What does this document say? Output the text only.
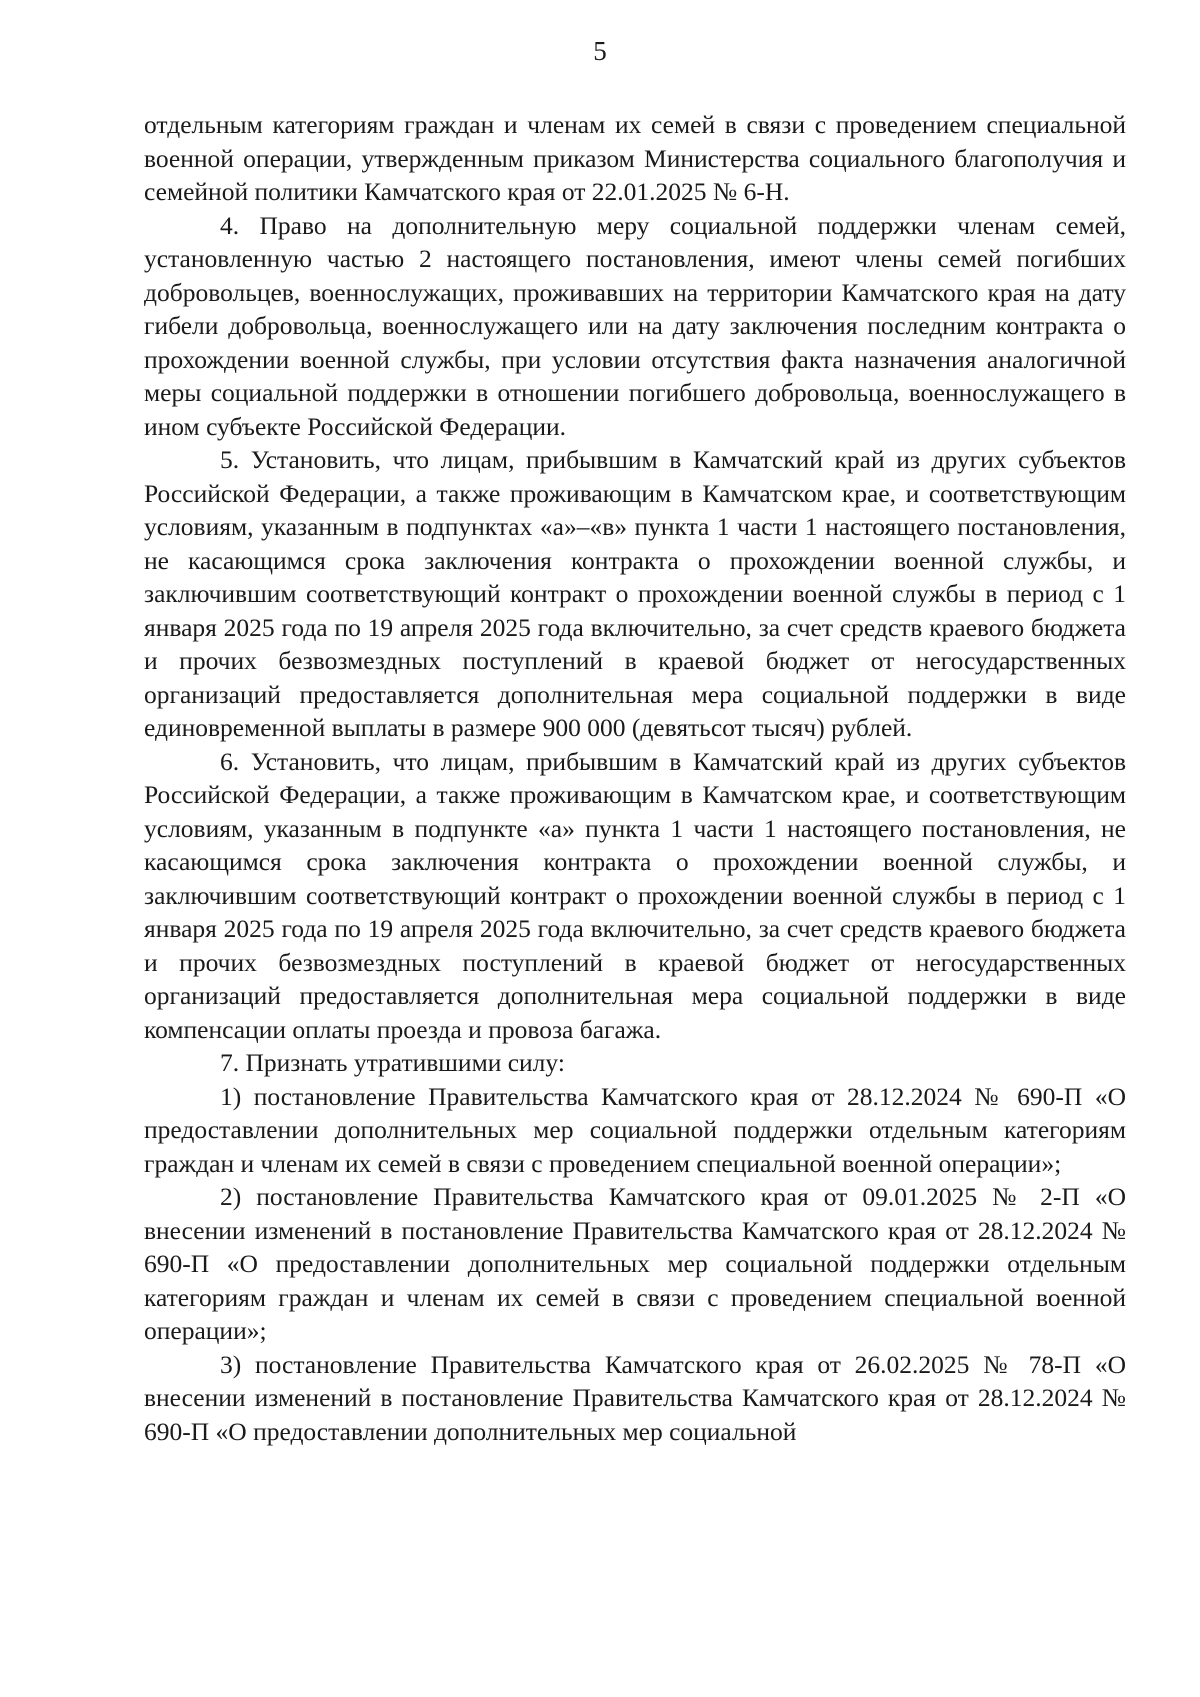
5

отдельным категориям граждан и членам их семей в связи с проведением специальной военной операции, утвержденным приказом Министерства социального благополучия и семейной политики Камчатского края от 22.01.2025 № 6-Н.

4. Право на дополнительную меру социальной поддержки членам семей, установленную частью 2 настоящего постановления, имеют члены семей погибших добровольцев, военнослужащих, проживавших на территории Камчатского края на дату гибели добровольца, военнослужащего или на дату заключения последним контракта о прохождении военной службы, при условии отсутствия факта назначения аналогичной меры социальной поддержки в отношении погибшего добровольца, военнослужащего в ином субъекте Российской Федерации.

5. Установить, что лицам, прибывшим в Камчатский край из других субъектов Российской Федерации, а также проживающим в Камчатском крае, и соответствующим условиям, указанным в подпунктах «а»–«в» пункта 1 части 1 настоящего постановления, не касающимся срока заключения контракта о прохождении военной службы, и заключившим соответствующий контракт о прохождении военной службы в период с 1 января 2025 года по 19 апреля 2025 года включительно, за счет средств краевого бюджета и прочих безвозмездных поступлений в краевой бюджет от негосударственных организаций предоставляется дополнительная мера социальной поддержки в виде единовременной выплаты в размере 900 000 (девятьсот тысяч) рублей.

6. Установить, что лицам, прибывшим в Камчатский край из других субъектов Российской Федерации, а также проживающим в Камчатском крае, и соответствующим условиям, указанным в подпункте «а» пункта 1 части 1 настоящего постановления, не касающимся срока заключения контракта о прохождении военной службы, и заключившим соответствующий контракт о прохождении военной службы в период с 1 января 2025 года по 19 апреля 2025 года включительно, за счет средств краевого бюджета и прочих безвозмездных поступлений в краевой бюджет от негосударственных организаций предоставляется дополнительная мера социальной поддержки в виде компенсации оплаты проезда и провоза багажа.

7. Признать утратившими силу:

1) постановление Правительства Камчатского края от 28.12.2024 № 690-П «О предоставлении дополнительных мер социальной поддержки отдельным категориям граждан и членам их семей в связи с проведением специальной военной операции»;

2) постановление Правительства Камчатского края от 09.01.2025 № 2-П «О внесении изменений в постановление Правительства Камчатского края от 28.12.2024 № 690-П «О предоставлении дополнительных мер социальной поддержки отдельным категориям граждан и членам их семей в связи с проведением специальной военной операции»;

3) постановление Правительства Камчатского края от 26.02.2025 № 78-П «О внесении изменений в постановление Правительства Камчатского края от 28.12.2024 № 690-П «О предоставлении дополнительных мер социальной
